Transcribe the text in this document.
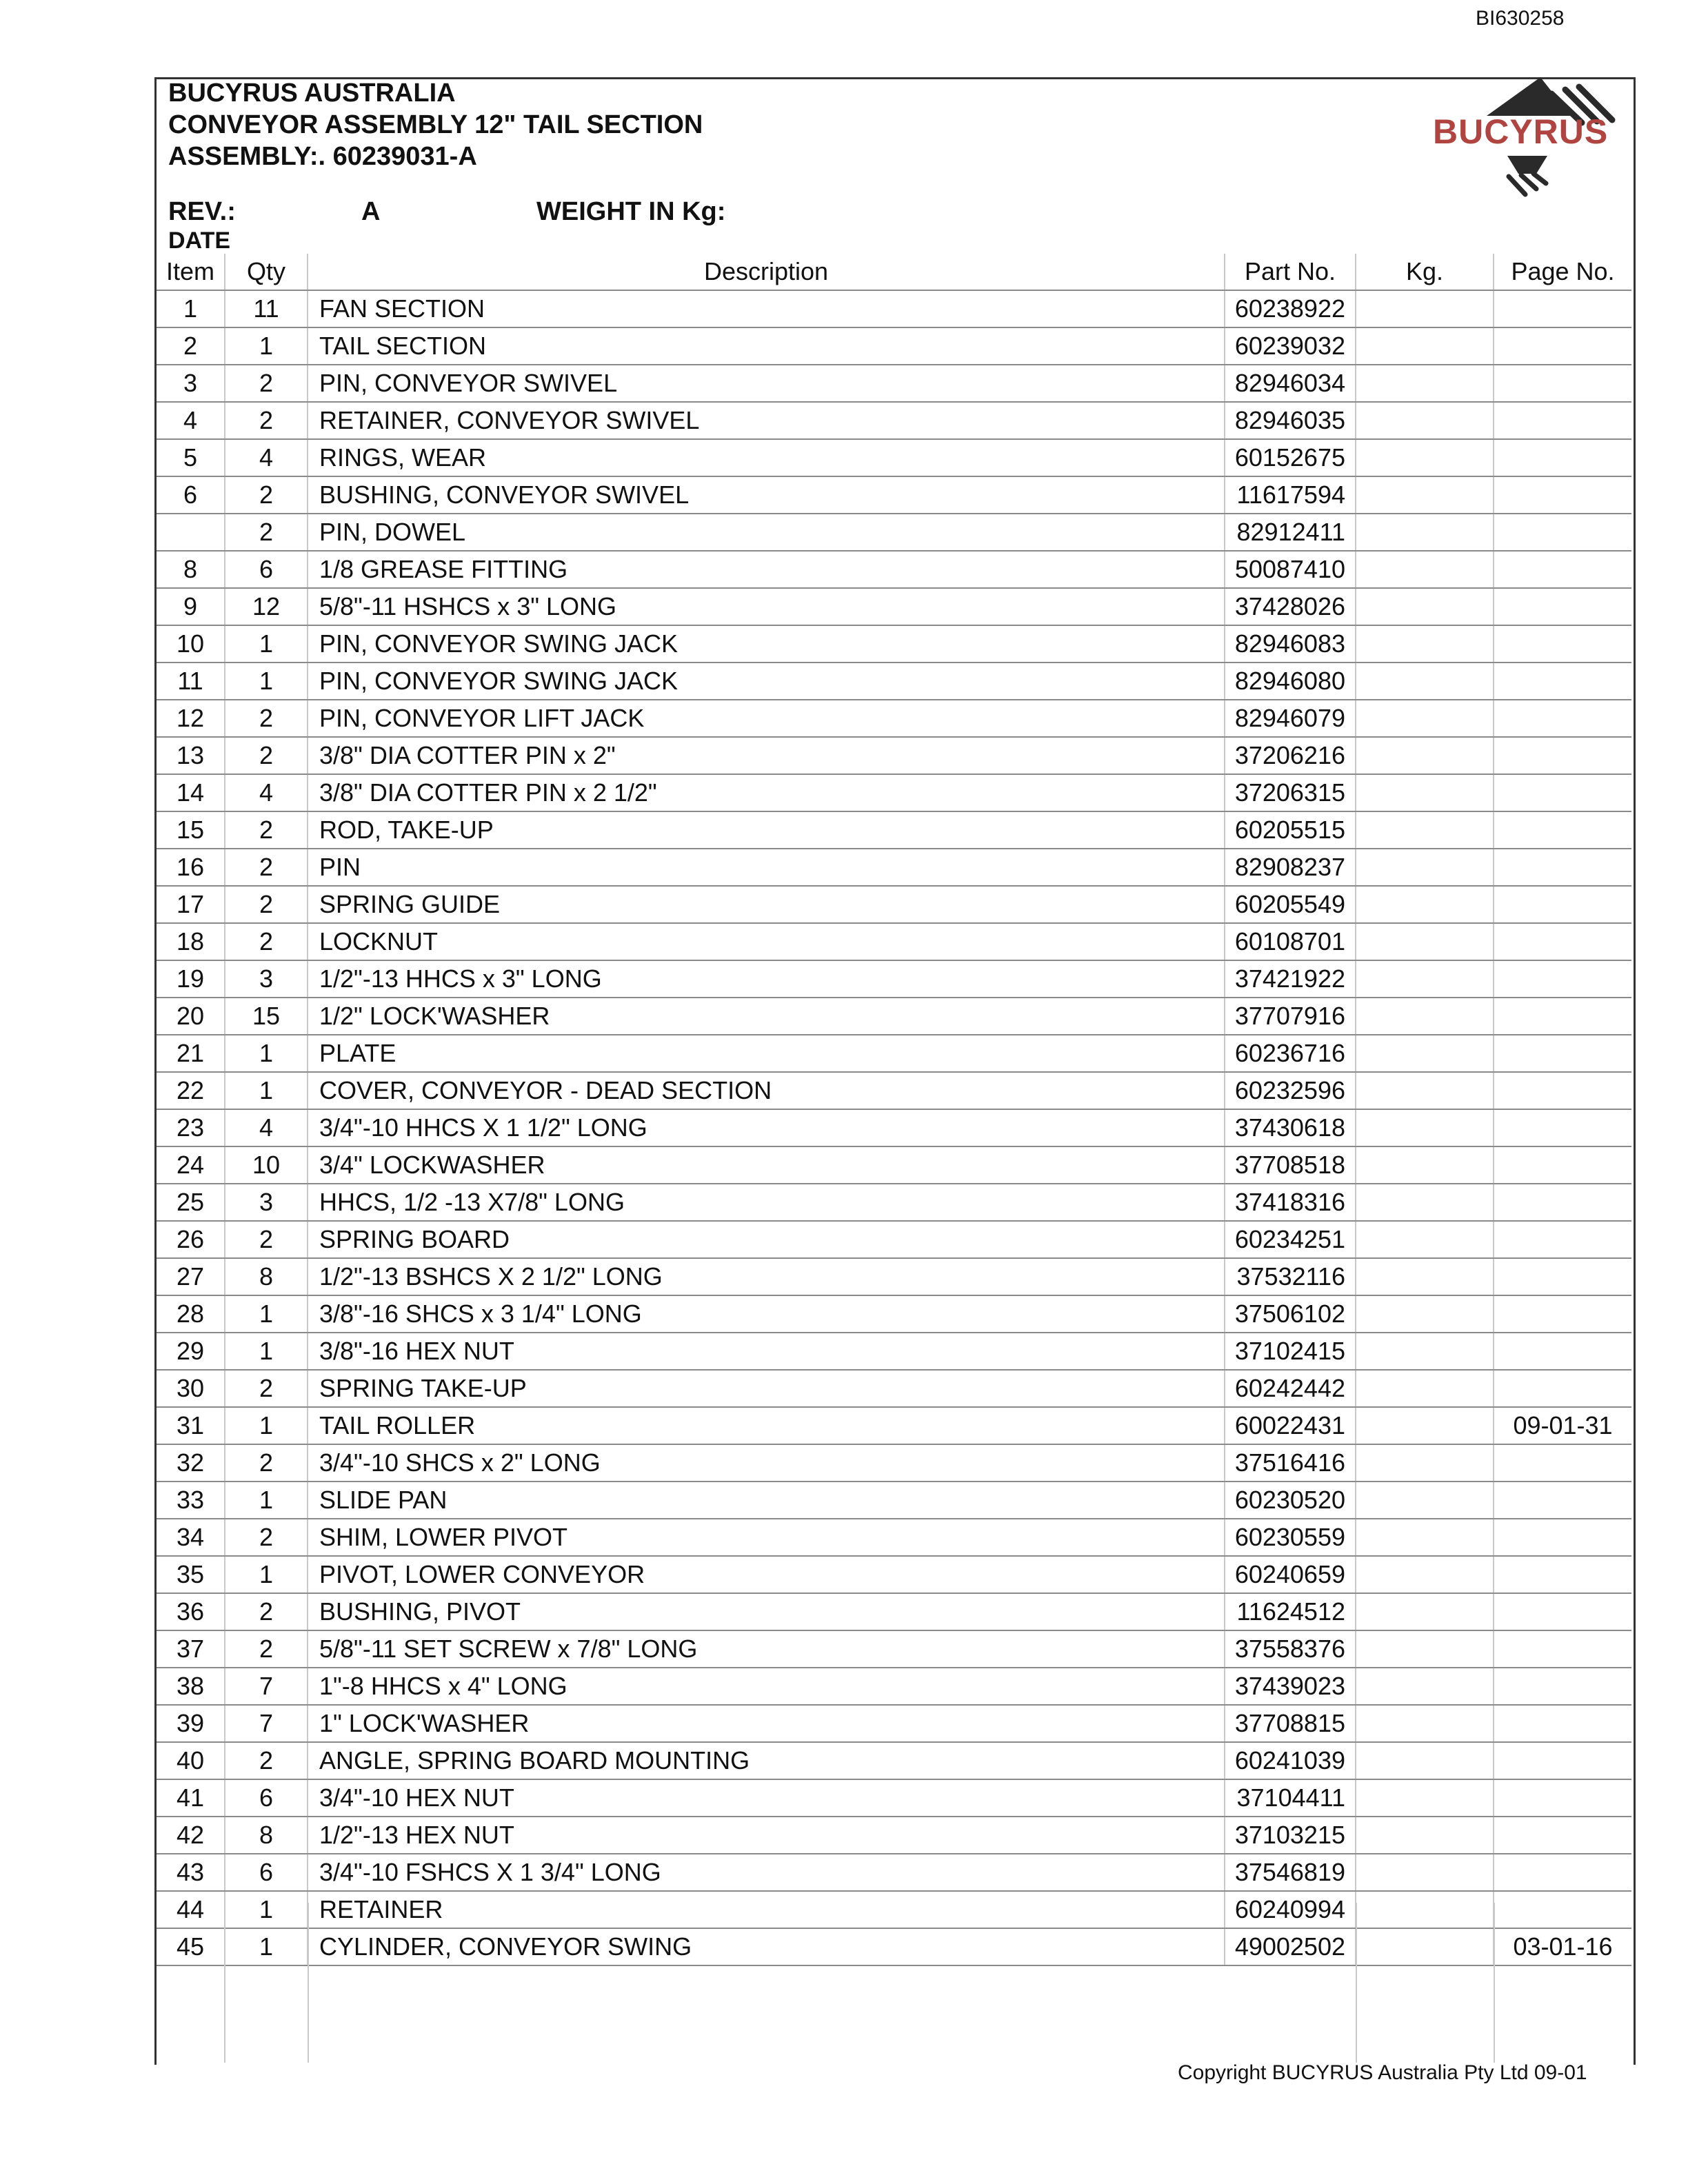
BI630258
BUCYRUS AUSTRALIA
CONVEYOR ASSEMBLY 12" TAIL SECTION
ASSEMBLY:. 60239031-A
REV.:	A	WEIGHT IN Kg:
DATE
BUCYRUS
Item	Qty	Description	Part No.	Kg.	Page No.
1	11	FAN SECTION	60238922		
2	1	TAIL SECTION	60239032		
3	2	PIN, CONVEYOR SWIVEL	82946034		
4	2	RETAINER, CONVEYOR SWIVEL	82946035		
5	4	RINGS, WEAR	60152675		
6	2	BUSHING, CONVEYOR SWIVEL	11617594		
	2	PIN, DOWEL	82912411		
8	6	1/8 GREASE FITTING	50087410		
9	12	5/8"-11 HSHCS x 3" LONG	37428026		
10	1	PIN, CONVEYOR SWING JACK	82946083		
11	1	PIN, CONVEYOR SWING JACK	82946080		
12	2	PIN, CONVEYOR LIFT JACK	82946079		
13	2	3/8" DIA COTTER PIN x 2"	37206216		
14	4	3/8" DIA COTTER PIN x 2 1/2"	37206315		
15	2	ROD, TAKE-UP	60205515		
16	2	PIN	82908237		
17	2	SPRING GUIDE	60205549		
18	2	LOCKNUT	60108701		
19	3	1/2"-13 HHCS x 3" LONG	37421922		
20	15	1/2" LOCK'WASHER	37707916		
21	1	PLATE	60236716		
22	1	COVER, CONVEYOR - DEAD SECTION	60232596		
23	4	3/4"-10 HHCS X 1 1/2" LONG	37430618		
24	10	3/4" LOCKWASHER	37708518		
25	3	HHCS, 1/2 -13 X7/8" LONG	37418316		
26	2	SPRING BOARD	60234251		
27	8	1/2"-13 BSHCS X 2 1/2" LONG	37532116		
28	1	3/8"-16 SHCS x 3 1/4" LONG	37506102		
29	1	3/8"-16 HEX NUT	37102415		
30	2	SPRING TAKE-UP	60242442		
31	1	TAIL ROLLER	60022431		09-01-31
32	2	3/4"-10 SHCS x 2" LONG	37516416		
33	1	SLIDE PAN	60230520		
34	2	SHIM, LOWER PIVOT	60230559		
35	1	PIVOT, LOWER CONVEYOR	60240659		
36	2	BUSHING, PIVOT	11624512		
37	2	5/8"-11 SET SCREW x 7/8" LONG	37558376		
38	7	1"-8 HHCS x 4" LONG	37439023		
39	7	1" LOCK'WASHER	37708815		
40	2	ANGLE, SPRING BOARD MOUNTING	60241039		
41	6	3/4"-10 HEX NUT	37104411		
42	8	1/2"-13 HEX NUT	37103215		
43	6	3/4"-10 FSHCS X 1 3/4" LONG	37546819		
44	1	RETAINER	60240994		
45	1	CYLINDER, CONVEYOR SWING	49002502		03-01-16
Copyright BUCYRUS Australia Pty Ltd 09-01
